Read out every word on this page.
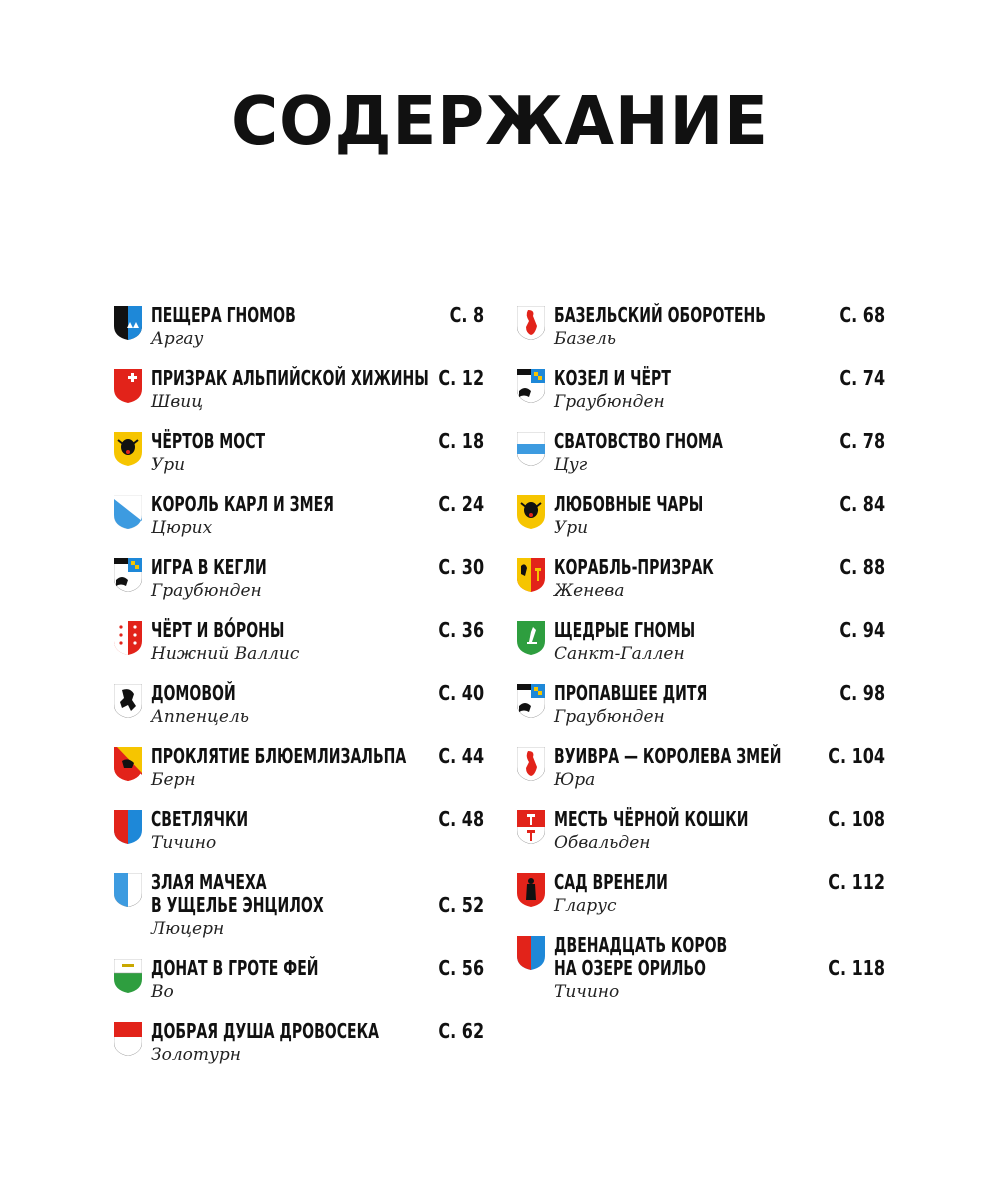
СОДЕРЖАНИЕ
ПЕЩЕРА ГНОМОВ
Аргау
С. 8
ПРИЗРАК АЛЬПИЙСКОЙ ХИЖИНЫ
Швиц
С. 12
ЧЁРТОВ МОСТ
Ури
С. 18
КОРОЛЬ КАРЛ И ЗМЕЯ
Цюрих
С. 24
ИГРА В КЕГЛИ
Граубюнден
С. 30
ЧЁРТ И ВО́РОНЫ
Нижний Валлис
С. 36
ДОМОВОЙ
Аппенцель
С. 40
ПРОКЛЯТИЕ БЛЮЕМЛИЗАЛЬПА
Берн
С. 44
СВЕТЛЯЧКИ
Тичино
С. 48
ЗЛАЯ МАЧЕХА
В УЩЕЛЬЕ ЭНЦИЛОХ
Люцерн
С. 52
ДОНАТ В ГРОТЕ ФЕЙ
Во
С. 56
ДОБРАЯ ДУША ДРОВОСЕКА
Золотурн
С. 62
БАЗЕЛЬСКИЙ ОБОРОТЕНЬ
Базель
С. 68
КОЗЕЛ И ЧЁРТ
Граубюнден
С. 74
СВАТОВСТВО ГНОМА
Цуг
С. 78
ЛЮБОВНЫЕ ЧАРЫ
Ури
С. 84
КОРАБЛЬ-ПРИЗРАК
Женева
С. 88
ЩЕДРЫЕ ГНОМЫ
Санкт-Галлен
С. 94
ПРОПАВШЕЕ ДИТЯ
Граубюнден
С. 98
ВУИВРА — КОРОЛЕВА ЗМЕЙ
Юра
С. 104
МЕСТЬ ЧЁРНОЙ КОШКИ
Обвальден
С. 108
САД ВРЕНЕЛИ
Гларус
С. 112
ДВЕНАДЦАТЬ КОРОВ
НА ОЗЕРЕ ОРИЛЬО
Тичино
С. 118
